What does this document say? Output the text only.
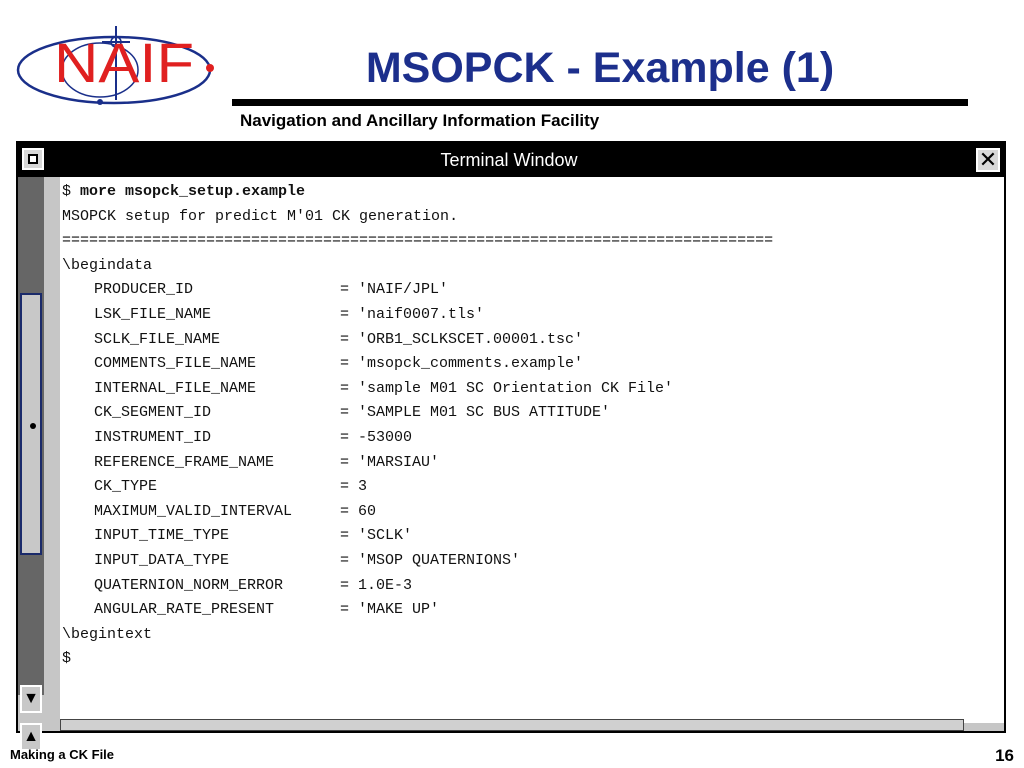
NAIF	MSOPCK - Example (1)
Navigation and Ancillary Information Facility
Terminal Window	✕
▼
▲
$ more msopck_setup.example
MSOPCK setup for predict M'01 CK generation.
===============================================================================
\begindata
PRODUCER_ID	= 'NAIF/JPL'
LSK_FILE_NAME	= 'naif0007.tls'
SCLK_FILE_NAME	= 'ORB1_SCLKSCET.00001.tsc'
COMMENTS_FILE_NAME	= 'msopck_comments.example'
INTERNAL_FILE_NAME	= 'sample M01 SC Orientation CK File'
CK_SEGMENT_ID	= 'SAMPLE M01 SC BUS ATTITUDE'
INSTRUMENT_ID	= -53000
REFERENCE_FRAME_NAME	= 'MARSIAU'
CK_TYPE	= 3
MAXIMUM_VALID_INTERVAL	= 60
INPUT_TIME_TYPE	= 'SCLK'
INPUT_DATA_TYPE	= 'MSOP QUATERNIONS'
QUATERNION_NORM_ERROR	= 1.0E-3
ANGULAR_RATE_PRESENT	= 'MAKE UP'
\begintext
$
Making a CK File	16
